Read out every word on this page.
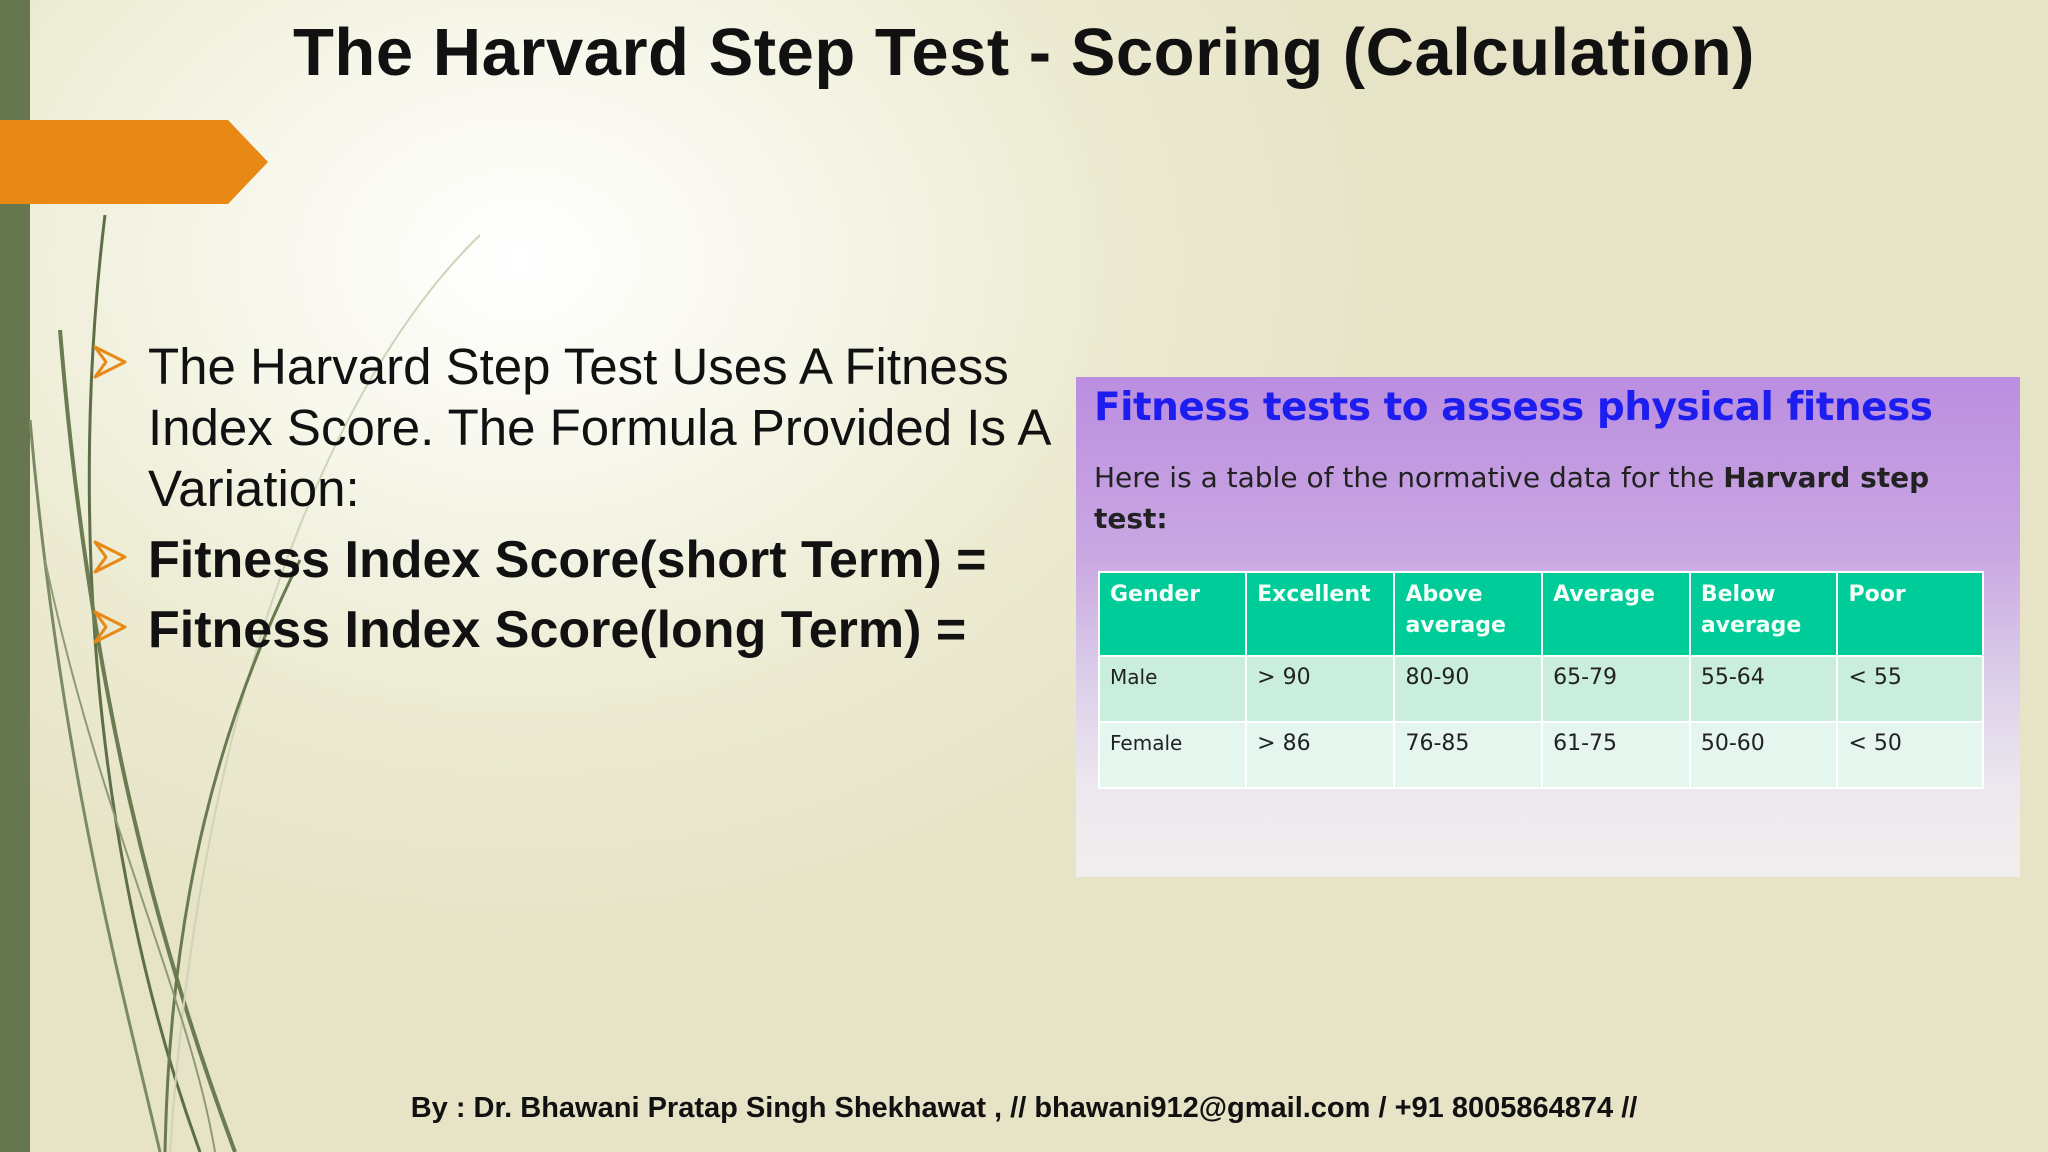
The Harvard Step Test - Scoring (Calculation)
The Harvard Step Test Uses A Fitness Index Score. The Formula Provided Is A Variation:
Fitness Index Score(short Term) =
Fitness Index Score(long Term) =
Fitness tests to assess physical fitness
Here is a table of the normative data for the Harvard step test:
Gender	Excellent	Above average	Average	Below average	Poor
Male	> 90	80-90	65-79	55-64	< 55
Female	> 86	76-85	61-75	50-60	< 50
By : Dr. Bhawani Pratap Singh Shekhawat , // bhawani912@gmail.com / +91 8005864874 //
